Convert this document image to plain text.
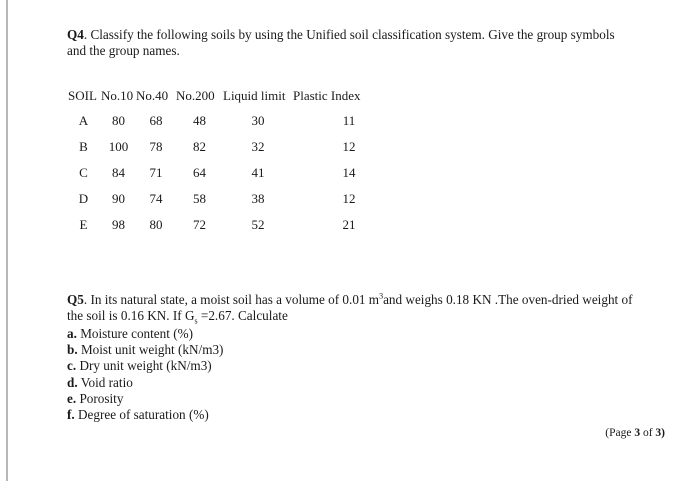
Q4. Classify the following soils by using the Unified soil classification system. Give the group symbols and the group names.
SOIL	No.10	No.40	No.200	Liquid limit	Plastic Index
A	80	68	48	30	11
B	100	78	82	32	12
C	84	71	64	41	14
D	90	74	58	38	12
E	98	80	72	52	21
Q5. In its natural state, a moist soil has a volume of 0.01 $m^3and$ weighs 0.18 KN .The oven-dried weight of the soil is 0.16 KN. If $G_s =2.67$. Calculate
a. Moisture content (%)
b. Moist unit weight (kN/m3)
c. Dry unit weight (kN/m3)
d. Void ratio
e. Porosity
f. Degree of saturation (%)
(Page 3 of 3)
